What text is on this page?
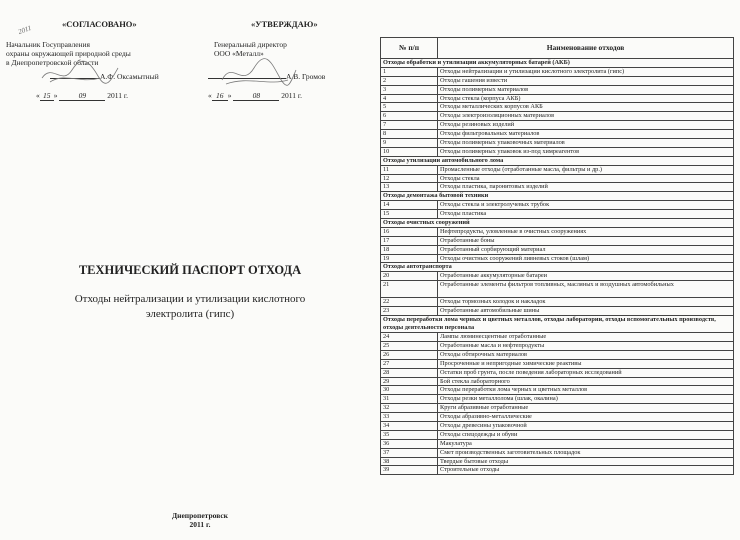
«СОГЛАСОВАНО»
Начальник Госуправления
охраны окружающей природной среды
в Днепропетровской области
А.Ф. Оксамытный
« 15 »	09	2011 г.
2011	«УТВЕРЖДАЮ»
Генеральный директор
ООО «Металл»
А.В. Громов
« 16 »	08	2011 г.
ТЕХНИЧЕСКИЙ ПАСПОРТ ОТХОДА
Отходы нейтрализации и утилизации кислотного
электролита (гипс)
Днепропетровск
2011 г.
№ п/п	Наименование отходов
Отходы обработки и утилизации аккумуляторных батарей (АКБ)	
1	Отходы нейтрализации и утилизации кислотного электролита (гипс)
2	Отходы гашения извести
3	Отходы полимерных материалов
4	Отходы стекла (корпуса АКБ)
5	Отходы металлических корпусов АКБ
6	Отходы электроизоляционных материалов
7	Отходы резиновых изделий
8	Отходы фильтровальных материалов
9	Отходы полимерных упаковочных материалов
10	Отходы полимерных упаковок из-под химреагентов
Отходы утилизации автомобильного лома	
11	Промасленные отходы (отработанные масла, фильтры и др.)
12	Отходы стекла
13	Отходы пластика, паронитовых изделий
Отходы демонтажа бытовой техники	
14	Отходы стекла и электролучевых трубок
15	Отходы пластика
Отходы очистных сооружений	
16	Нефтепродукты, уловленные в очистных сооружениях
17	Отработанные боны
18	Отработанный сорбирующий материал
19	Отходы очистных сооружений ливневых стоков (шлам)
Отходы автотранспорта	
20	Отработанные аккумуляторные батареи
21	Отработанные элементы фильтров топливных, масляных и воздушных автомобильных
22	Отходы тормозных колодок и накладок
23	Отработанные автомобильные шины
Отходы переработки лома черных и цветных металлов, отходы лаборатории, отходы вспомогательных производств, отходы деятельности персонала	
24	Лампы люминесцентные отработанные
25	Отработанные масла и нефтепродукты
26	Отходы обтирочных материалов
27	Просроченные и непригодные химические реактивы
28	Остатки проб грунта, после поведения лабораторных исследований
29	Бой стекла лабораторного
30	Отходы переработки лома черных и цветных металлов
31	Отходы резки металлолома (шлак, окалина)
32	Круги абразивные отработанные
33	Отходы абразивно-металлические
34	Отходы древесины упаковочной
35	Отходы спецодежды и обуви
36	Макулатура
37	Смет производственных заготовительных площадок
38	Твердые бытовые отходы
39	Строительные отходы
